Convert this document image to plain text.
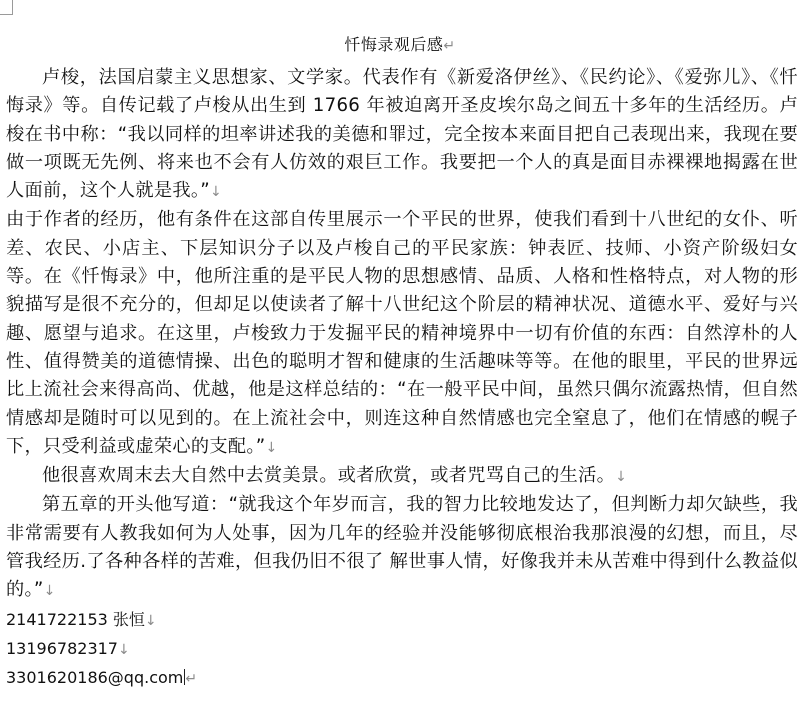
忏悔录观后感↵

卢梭，法国启蒙主义思想家、文学家。代表作有《新爱洛伊丝》、《民约论》、《爱弥儿》、《忏悔录》等。自传记载了卢梭从出生到 1766 年被迫离开圣皮埃尔岛之间五十多年的生活经历。卢梭在书中称：“我以同样的坦率讲述我的美德和罪过，完全按本来面目把自己表现出来，我现在要做一项既无先例、将来也不会有人仿效的艰巨工作。我要把一个人的真是面目赤裸裸地揭露在世人面前，这个人就是我。”↓

由于作者的经历，他有条件在这部自传里展示一个平民的世界，使我们看到十八世纪的女仆、听差、农民、小店主、下层知识分子以及卢梭自己的平民家族：钟表匠、技师、小资产阶级妇女等。在《忏悔录》中，他所注重的是平民人物的思想感情、品质、人格和性格特点，对人物的形貌描写是很不充分的，但却足以使读者了解十八世纪这个阶层的精神状况、道德水平、爱好与兴趣、愿望与追求。在这里，卢梭致力于发掘平民的精神境界中一切有价值的东西：自然淳朴的人性、值得赞美的道德情操、出色的聪明才智和健康的生活趣味等等。在他的眼里，平民的世界远比上流社会来得高尚、优越，他是这样总结的：“在一般平民中间，虽然只偶尔流露热情，但自然情感却是随时可以见到的。在上流社会中，则连这种自然情感也完全窒息了，他们在情感的幌子下，只受利益或虚荣心的支配。”↓

他很喜欢周末去大自然中去赏美景。或者欣赏，或者咒骂自己的生活。↓

第五章的开头他写道：“就我这个年岁而言，我的智力比较地发达了，但判断力却欠缺些，我非常需要有人教我如何为人处事，因为几年的经验并没能够彻底根治我那浪漫的幻想，而且，尽管我经历.了各种各样的苦难，但我仍旧不很了 解世事人情，好像我并未从苦难中得到什么教益似的。”↓

2141722153 张恒↓

13196782317↓

3301620186@qq.com ↵
